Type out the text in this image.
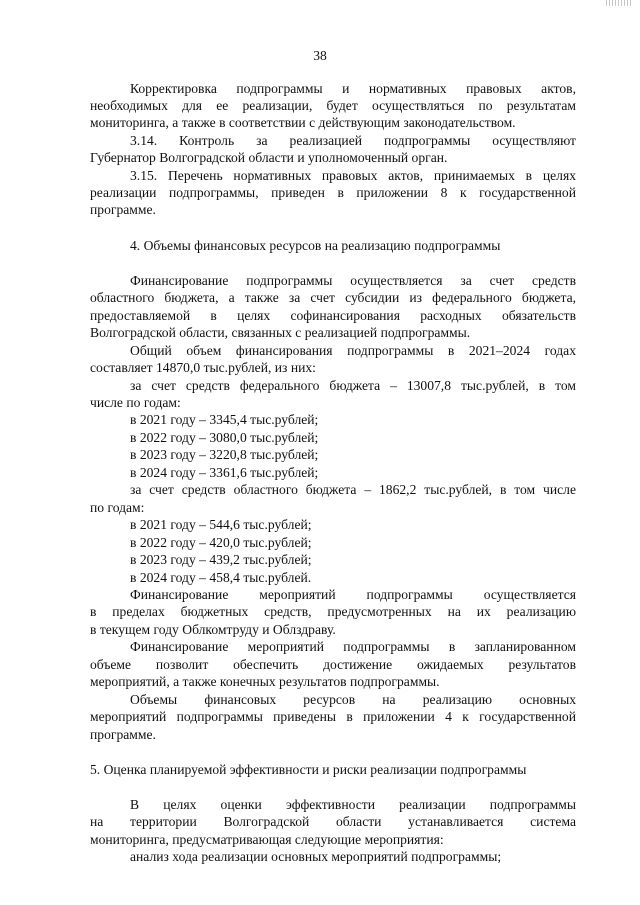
38
Корректировка подпрограммы и нормативных правовых актов,
необходимых для ее реализации, будет осуществляться по результатам
мониторинга, а также в соответствии с действующим законодательством.
3.14. Контроль за реализацией подпрограммы осуществляют
Губернатор Волгоградской области и уполномоченный орган.
3.15. Перечень нормативных правовых актов, принимаемых в целях
реализации подпрограммы, приведен в приложении 8 к государственной
программе.
4. Объемы финансовых ресурсов на реализацию подпрограммы
Финансирование подпрограммы осуществляется за счет средств
областного бюджета, а также за счет субсидии из федерального бюджета,
предоставляемой в целях софинансирования расходных обязательств
Волгоградской области, связанных с реализацией подпрограммы.
Общий объем финансирования подпрограммы в 2021–2024 годах
составляет 14870,0 тыс.рублей, из них:
за счет средств федерального бюджета – 13007,8 тыс.рублей, в том
числе по годам:
в 2021 году – 3345,4 тыс.рублей;
в 2022 году – 3080,0 тыс.рублей;
в 2023 году – 3220,8 тыс.рублей;
в 2024 году – 3361,6 тыс.рублей;
за счет средств областного бюджета – 1862,2 тыс.рублей, в том числе
по годам:
в 2021 году – 544,6 тыс.рублей;
в 2022 году – 420,0 тыс.рублей;
в 2023 году – 439,2 тыс.рублей;
в 2024 году – 458,4 тыс.рублей.
Финансирование мероприятий подпрограммы осуществляется
в пределах бюджетных средств, предусмотренных на их реализацию
в текущем году Облкомтруду и Облздраву.
Финансирование мероприятий подпрограммы в запланированном
объеме позволит обеспечить достижение ожидаемых результатов
мероприятий, а также конечных результатов подпрограммы.
Объемы финансовых ресурсов на реализацию основных
мероприятий подпрограммы приведены в приложении 4 к государственной
программе.
5. Оценка планируемой эффективности и риски реализации подпрограммы
В целях оценки эффективности реализации подпрограммы
на территории Волгоградской области устанавливается система
мониторинга, предусматривающая следующие мероприятия:
анализ хода реализации основных мероприятий подпрограммы;
